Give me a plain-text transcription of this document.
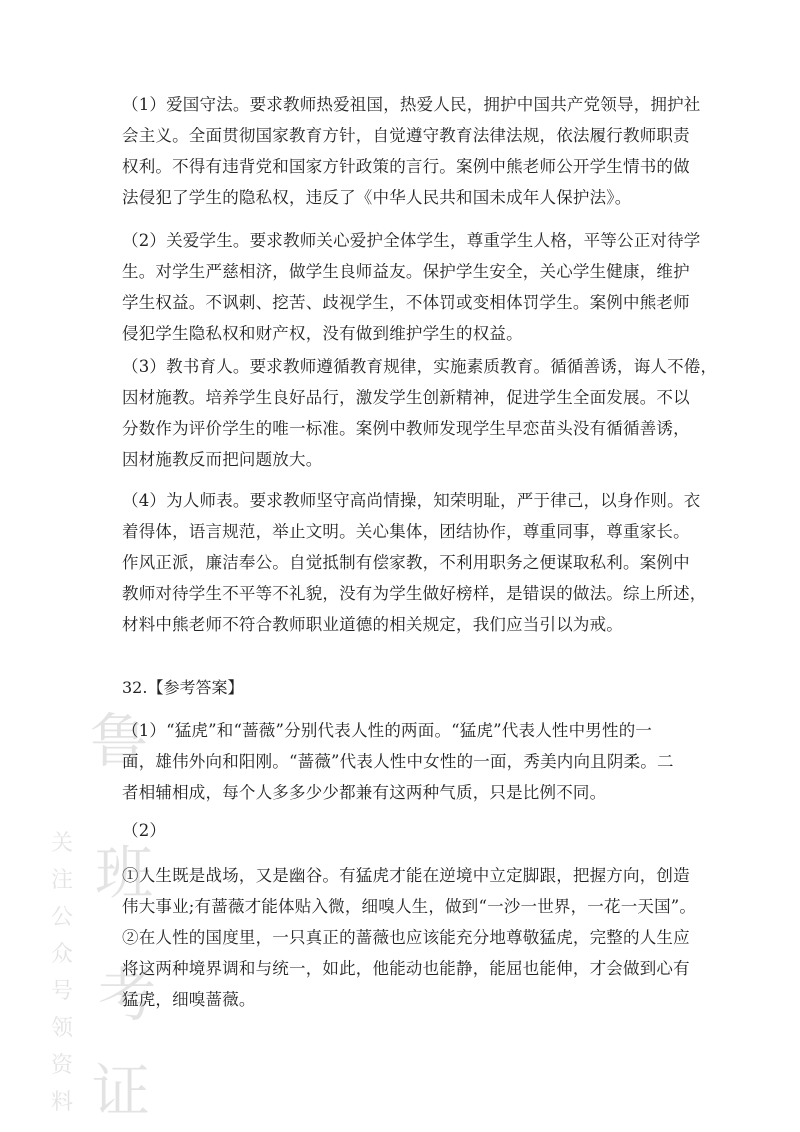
关
注
公
众
号
领
资
料
鲁
班
考
证

（1）爱国守法。要求教师热爱祖国，热爱人民，拥护中国共产党领导，拥护社
会主义。全面贯彻国家教育方针，自觉遵守教育法律法规，依法履行教师职责
权利。不得有违背党和国家方针政策的言行。案例中熊老师公开学生情书的做
法侵犯了学生的隐私权，违反了《中华人民共和国未成年人保护法》。

（2）关爱学生。要求教师关心爱护全体学生，尊重学生人格，平等公正对待学
生。对学生严慈相济，做学生良师益友。保护学生安全，关心学生健康，维护
学生权益。不讽刺、挖苦、歧视学生，不体罚或变相体罚学生。案例中熊老师
侵犯学生隐私权和财产权，没有做到维护学生的权益。

（3）教书育人。要求教师遵循教育规律，实施素质教育。循循善诱，诲人不倦，
因材施教。培养学生良好品行，激发学生创新精神，促进学生全面发展。不以
分数作为评价学生的唯一标准。案例中教师发现学生早恋苗头没有循循善诱，
因材施教反而把问题放大。

（4）为人师表。要求教师坚守高尚情操，知荣明耻，严于律己，以身作则。衣
着得体，语言规范，举止文明。关心集体，团结协作，尊重同事，尊重家长。
作风正派，廉洁奉公。自觉抵制有偿家教，不利用职务之便谋取私利。案例中
教师对待学生不平等不礼貌，没有为学生做好榜样，是错误的做法。综上所述，
材料中熊老师不符合教师职业道德的相关规定，我们应当引以为戒。

32.【参考答案】

（1）“猛虎”和“蔷薇”分别代表人性的两面。“猛虎”代表人性中男性的一
面，雄伟外向和阳刚。“蔷薇”代表人性中女性的一面，秀美内向且阴柔。二
者相辅相成，每个人多多少少都兼有这两种气质，只是比例不同。

（2）

①人生既是战场，又是幽谷。有猛虎才能在逆境中立定脚跟，把握方向，创造
伟大事业;有蔷薇才能体贴入微，细嗅人生，做到“一沙一世界，一花一天国”。
②在人性的国度里，一只真正的蔷薇也应该能充分地尊敬猛虎，完整的人生应
将这两种境界调和与统一，如此，他能动也能静，能屈也能伸，才会做到心有
猛虎，细嗅蔷薇。
